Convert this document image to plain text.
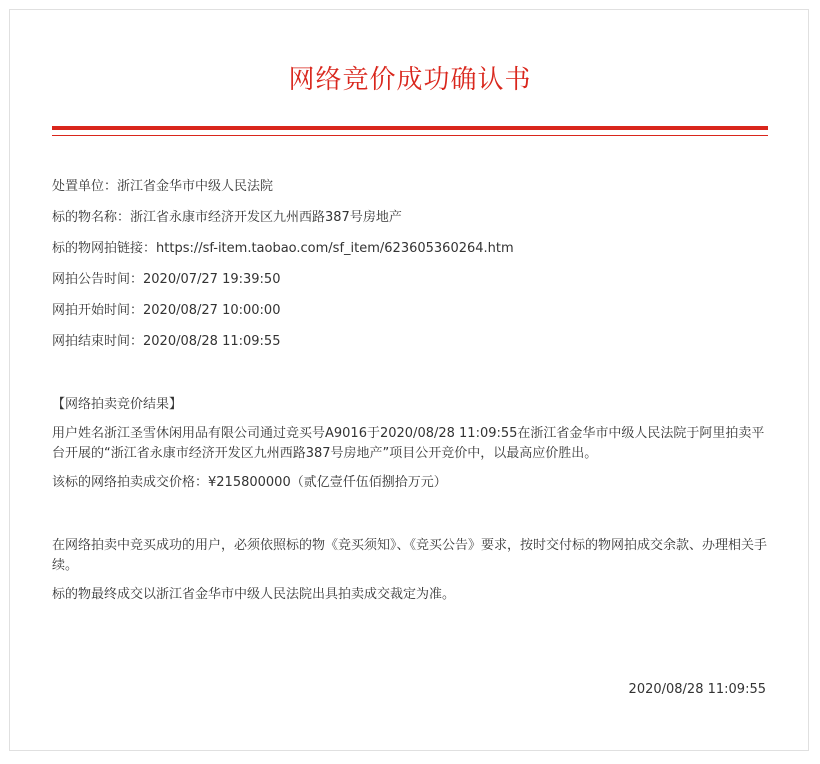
网络竞价成功确认书
处置单位： 浙江省金华市中级人民法院
标的物名称： 浙江省永康市经济开发区九州西路387号房地产
标的物网拍链接： https://sf-item.taobao.com/sf_item/623605360264.htm
网拍公告时间： 2020/07/27 19:39:50
网拍开始时间： 2020/08/27 10:00:00
网拍结束时间： 2020/08/28 11:09:55
【网络拍卖竞价结果】
用户姓名浙江圣雪休闲用品有限公司通过竞买号A9016于2020/08/28 11:09:55在浙江省金华市中级人民法院于阿里拍卖平台开展的“浙江省永康市经济开发区九州西路387号房地产”项目公开竞价中，以最高应价胜出。
该标的网络拍卖成交价格：¥215800000（贰亿壹仟伍佰捌拾万元）
在网络拍卖中竞买成功的用户，必须依照标的物《竞买须知》、《竞买公告》要求，按时交付标的物网拍成交余款、办理相关手续。
标的物最终成交以浙江省金华市中级人民法院出具拍卖成交裁定为准。
2020/08/28 11:09:55
